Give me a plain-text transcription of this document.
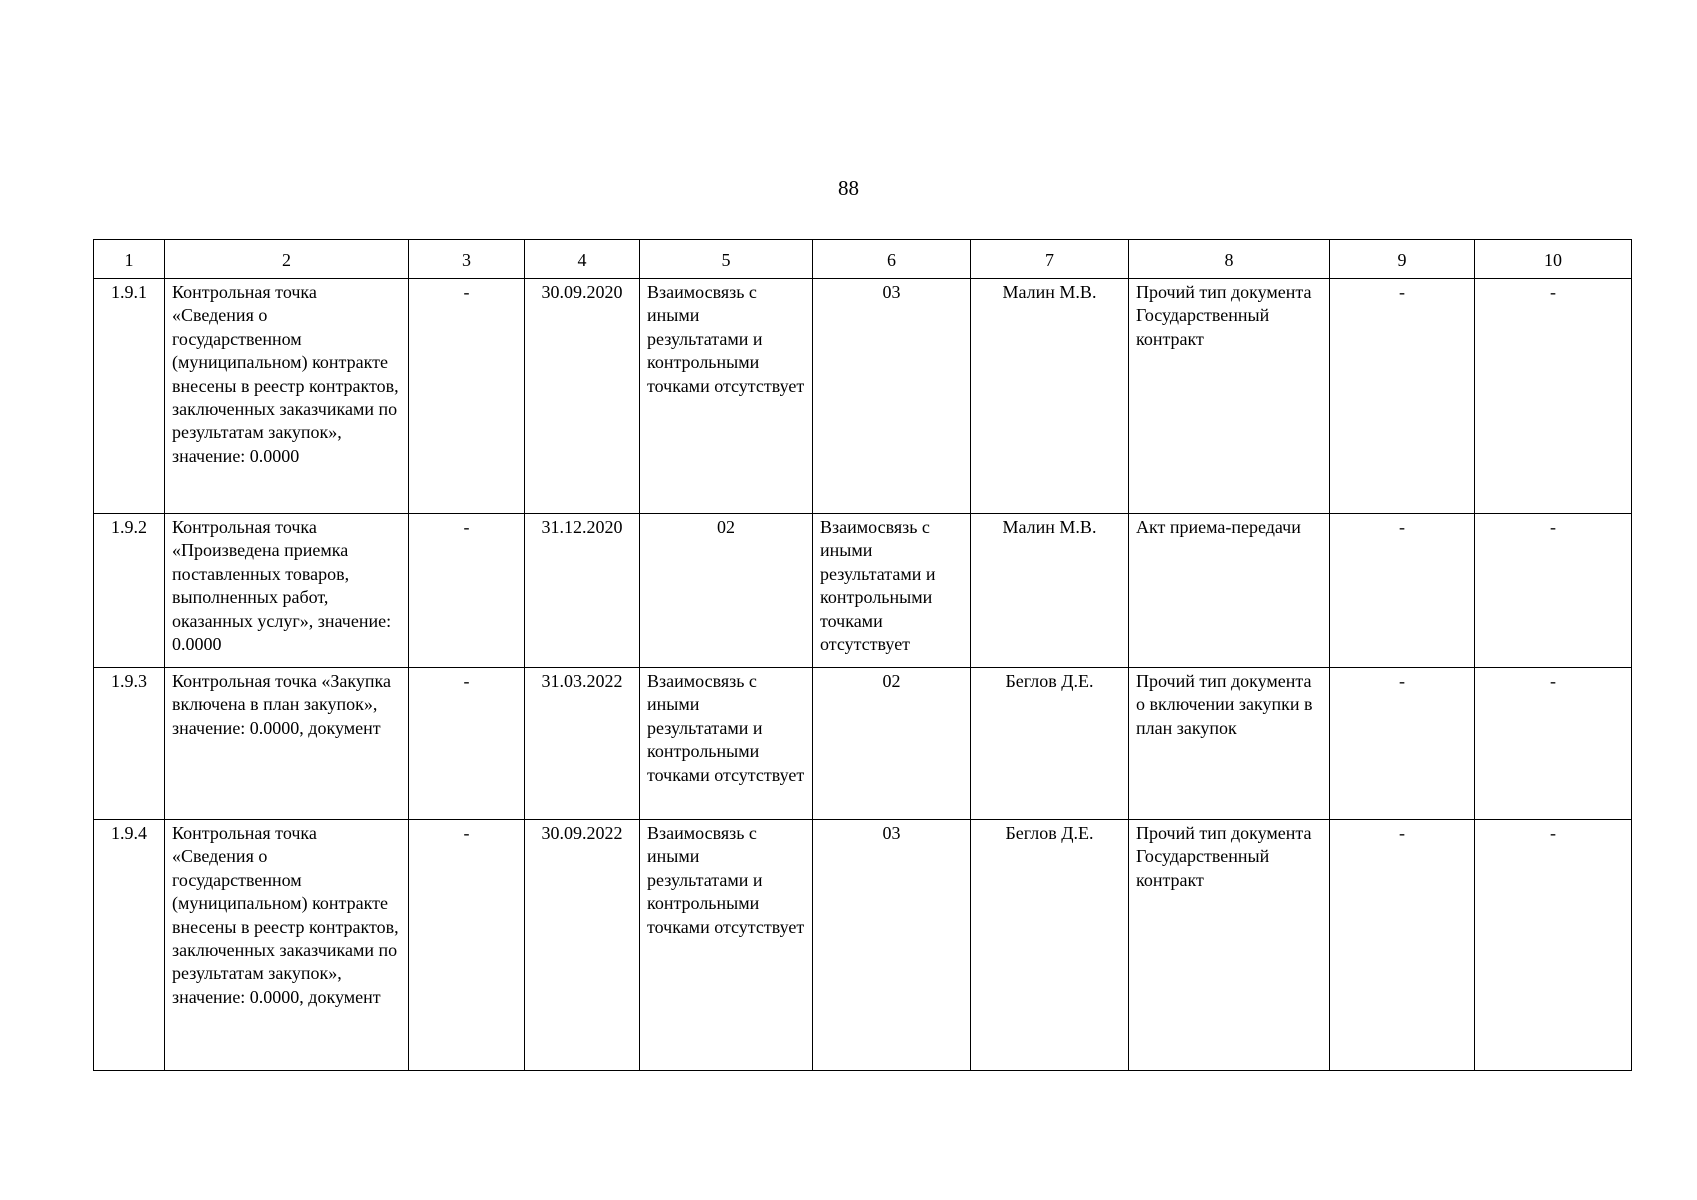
88
1	2	3	4	5	6	7	8	9	10
1.9.1	Контрольная точка «Сведения о государственном (муниципальном) контракте внесены в реестр контрактов, заключенных заказчиками по результатам закупок», значение: 0.0000	-	30.09.2020	Взаимосвязь с иными результатами и контрольными точками отсутствует	03	Малин М.В.	Прочий тип документа Государственный контракт	-	-
1.9.2	Контрольная точка «Произведена приемка поставленных товаров, выполненных работ, оказанных услуг», значение: 0.0000	-	31.12.2020	02	Взаимосвязь с иными результатами и контрольными точками отсутствует	Малин М.В.	Акт приема-передачи	-	-
1.9.3	Контрольная точка «Закупка включена в план закупок», значение: 0.0000, документ	-	31.03.2022	Взаимосвязь с иными результатами и контрольными точками отсутствует	02	Беглов Д.Е.	Прочий тип документа о включении закупки в план закупок	-	-
1.9.4	Контрольная точка «Сведения о государственном (муниципальном) контракте внесены в реестр контрактов, заключенных заказчиками по результатам закупок», значение: 0.0000, документ	-	30.09.2022	Взаимосвязь с иными результатами и контрольными точками отсутствует	03	Беглов Д.Е.	Прочий тип документа Государственный контракт	-	-
